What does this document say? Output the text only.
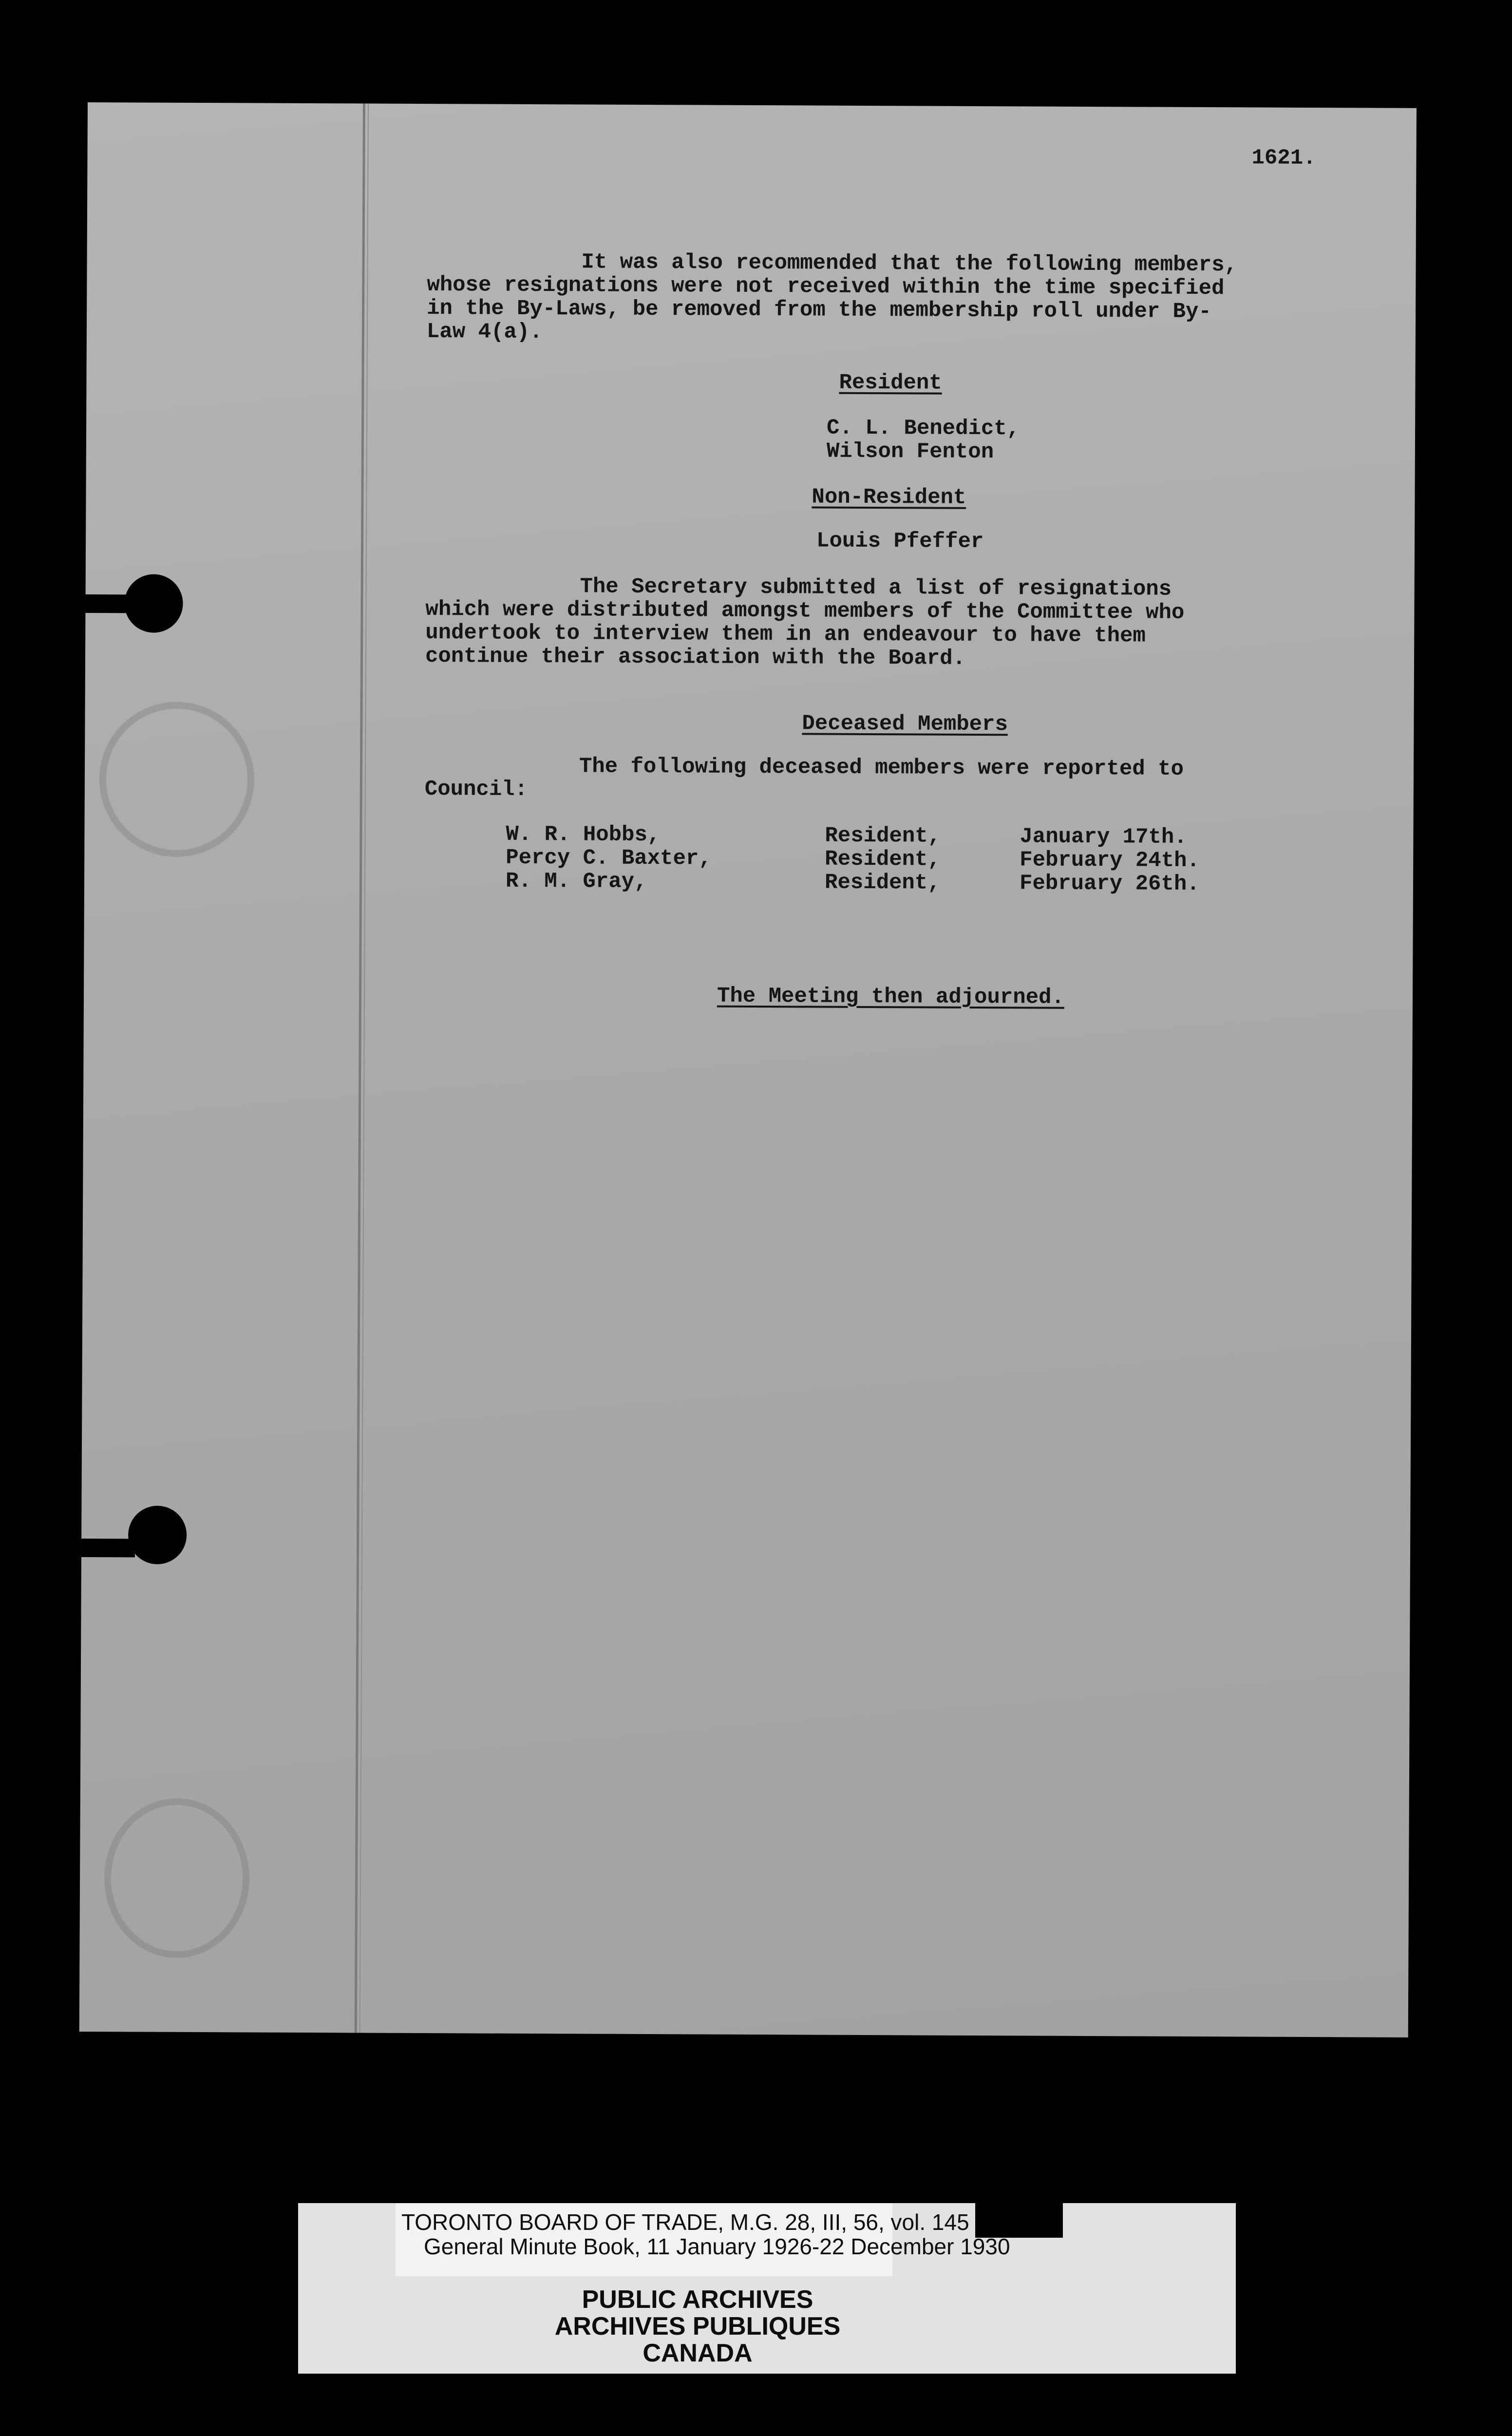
1621.
It was also recommended that the following members,
whose resignations were not received within the time specified
in the By-Laws, be removed from the membership roll under By-
Law 4(a).
Resident
C. L. Benedict,
Wilson Fenton
Non-Resident
Louis Pfeffer
The Secretary submitted a list of resignations
which were distributed amongst members of the Committee who
undertook to interview them in an endeavour to have them
continue their association with the Board.
Deceased Members
The following deceased members were reported to
Council:
W. R. Hobbs,	Resident,	January 17th.
Percy C. Baxter,	Resident,	February 24th.
R. M. Gray,	Resident,	February 26th.
The Meeting then adjourned.
TORONTO BOARD OF TRADE, M.G. 28, III, 56, vol. 145
General Minute Book, 11 January 1926-22 December 1930
PUBLIC ARCHIVES
ARCHIVES PUBLIQUES
CANADA
